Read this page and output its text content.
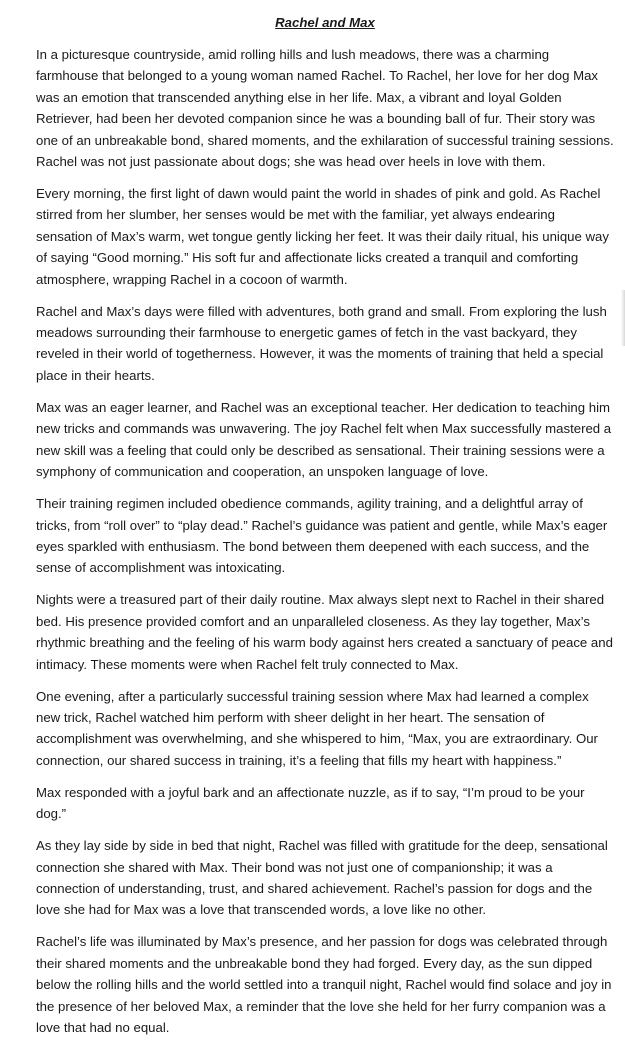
Rachel and Max

In a picturesque countryside, amid rolling hills and lush meadows, there was a charming farmhouse that belonged to a young woman named Rachel. To Rachel, her love for her dog Max was an emotion that transcended anything else in her life. Max, a vibrant and loyal Golden Retriever, had been her devoted companion since he was a bounding ball of fur. Their story was one of an unbreakable bond, shared moments, and the exhilaration of successful training sessions. Rachel was not just passionate about dogs; she was head over heels in love with them.

Every morning, the first light of dawn would paint the world in shades of pink and gold. As Rachel stirred from her slumber, her senses would be met with the familiar, yet always endearing sensation of Max’s warm, wet tongue gently licking her feet. It was their daily ritual, his unique way of saying “Good morning.” His soft fur and affectionate licks created a tranquil and comforting atmosphere, wrapping Rachel in a cocoon of warmth.

Rachel and Max’s days were filled with adventures, both grand and small. From exploring the lush meadows surrounding their farmhouse to energetic games of fetch in the vast backyard, they reveled in their world of togetherness. However, it was the moments of training that held a special place in their hearts.

Max was an eager learner, and Rachel was an exceptional teacher. Her dedication to teaching him new tricks and commands was unwavering. The joy Rachel felt when Max successfully mastered a new skill was a feeling that could only be described as sensational. Their training sessions were a symphony of communication and cooperation, an unspoken language of love.

Their training regimen included obedience commands, agility training, and a delightful array of tricks, from “roll over” to “play dead.” Rachel’s guidance was patient and gentle, while Max’s eager eyes sparkled with enthusiasm. The bond between them deepened with each success, and the sense of accomplishment was intoxicating.

Nights were a treasured part of their daily routine. Max always slept next to Rachel in their shared bed. His presence provided comfort and an unparalleled closeness. As they lay together, Max’s rhythmic breathing and the feeling of his warm body against hers created a sanctuary of peace and intimacy. These moments were when Rachel felt truly connected to Max.

One evening, after a particularly successful training session where Max had learned a complex new trick, Rachel watched him perform with sheer delight in her heart. The sensation of accomplishment was overwhelming, and she whispered to him, “Max, you are extraordinary. Our connection, our shared success in training, it’s a feeling that fills my heart with happiness.”

Max responded with a joyful bark and an affectionate nuzzle, as if to say, “I’m proud to be your dog.”

As they lay side by side in bed that night, Rachel was filled with gratitude for the deep, sensational connection she shared with Max. Their bond was not just one of companionship; it was a connection of understanding, trust, and shared achievement. Rachel’s passion for dogs and the love she had for Max was a love that transcended words, a love like no other.

Rachel’s life was illuminated by Max’s presence, and her passion for dogs was celebrated through their shared moments and the unbreakable bond they had forged. Every day, as the sun dipped below the rolling hills and the world settled into a tranquil night, Rachel would find solace and joy in the presence of her beloved Max, a reminder that the love she held for her furry companion was a love that had no equal.
